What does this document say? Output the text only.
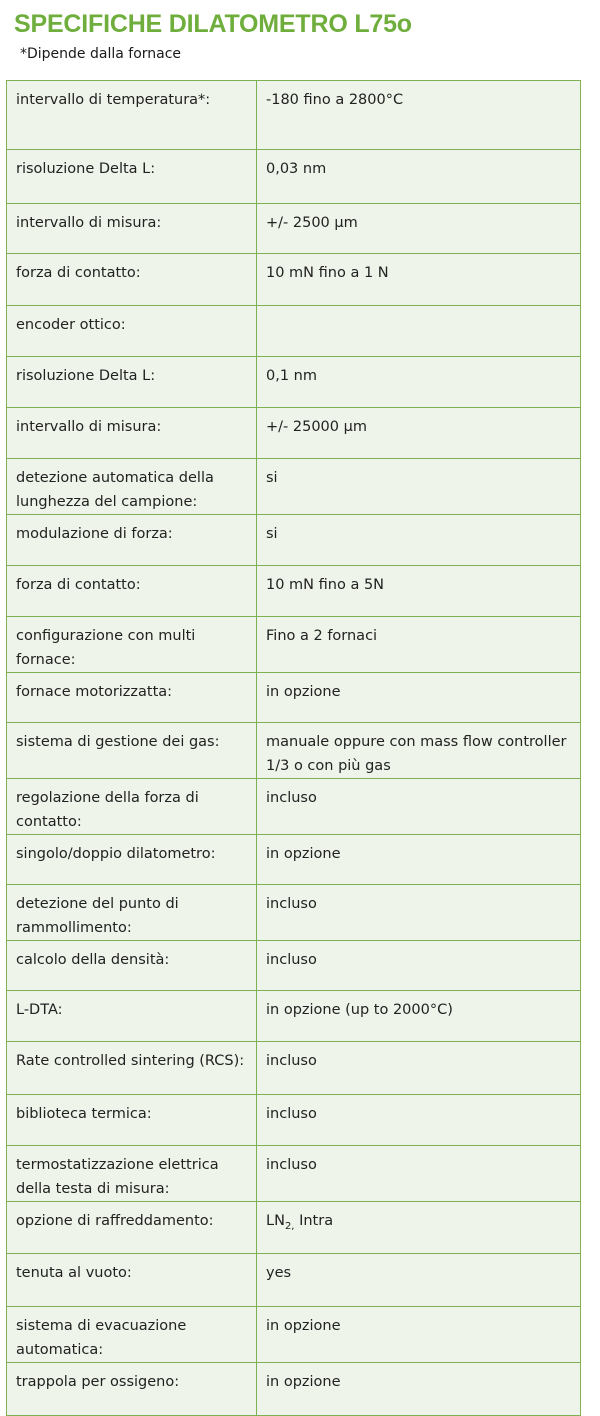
SPECIFICHE DILATOMETRO L75o
*Dipende dalla fornace
intervallo di temperatura*:	-180 fino a 2800°C
risoluzione Delta L:	0,03 nm
intervallo di misura:	+/- 2500 µm
forza di contatto:	10 mN fino a 1 N
encoder ottico:	
risoluzione Delta L:	0,1 nm
intervallo di misura:	+/- 25000 µm
detezione automatica della lunghezza del campione:	si
modulazione di forza:	si
forza di contatto:	10 mN fino a 5N
configurazione con multi fornace:	Fino a 2 fornaci
fornace motorizzatta:	in opzione
sistema di gestione dei gas:	manuale oppure con mass flow controller 1/3 o con più gas
regolazione della forza di contatto:	incluso
singolo/doppio dilatometro:	in opzione
detezione del punto di rammollimento:	incluso
calcolo della densità:	incluso
L-DTA:	in opzione (up to 2000°C)
Rate controlled sintering (RCS):	incluso
biblioteca termica:	incluso
termostatizzazione elettrica della testa di misura:	incluso
opzione di raffreddamento:	$LN_{2,}$ Intra
tenuta al vuoto:	yes
sistema di evacuazione automatica:	in opzione
trappola per ossigeno:	in opzione
